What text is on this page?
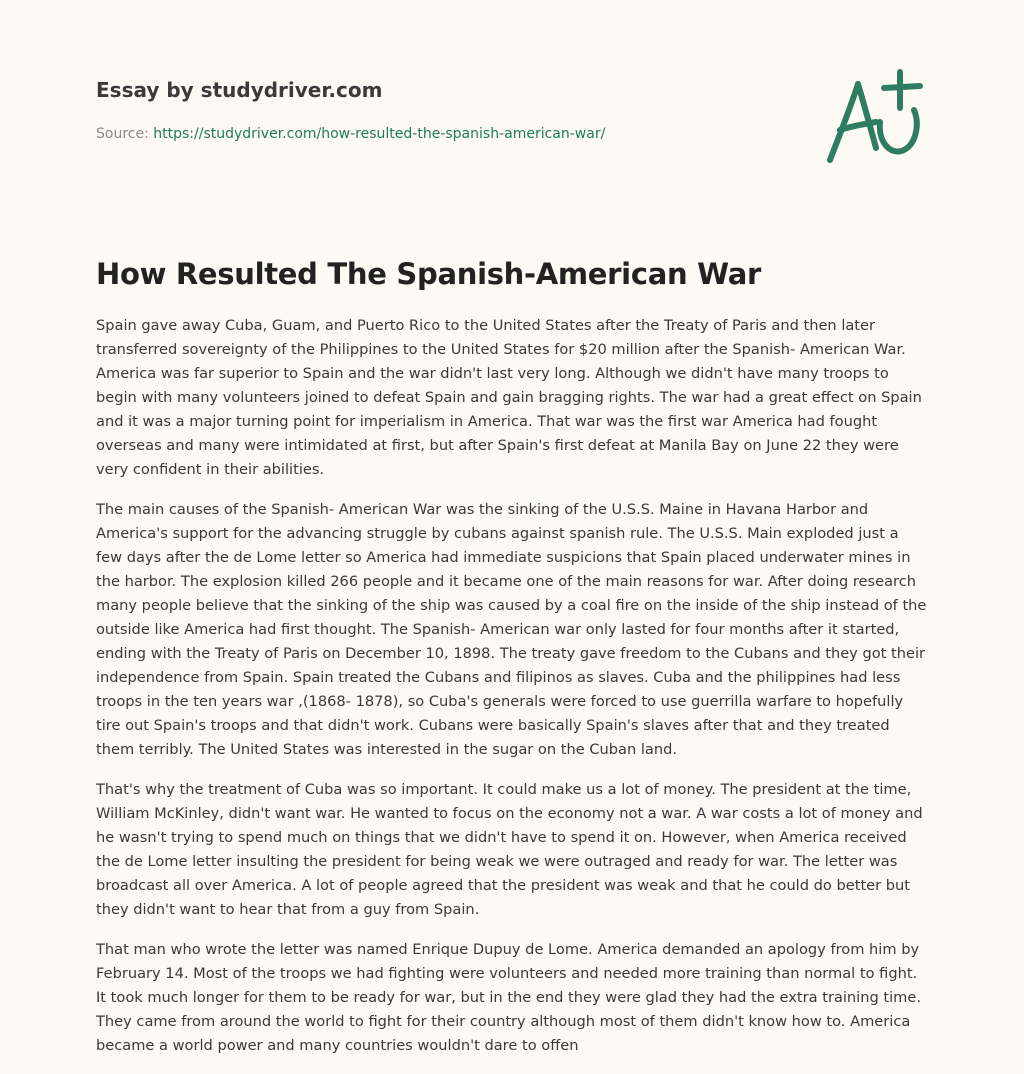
Essay by studydriver.com
Source: https://studydriver.com/how-resulted-the-spanish-american-war/
How Resulted The Spanish-American War

Spain gave away Cuba, Guam, and Puerto Rico to the United States after the Treaty of Paris and then later transferred sovereignty of the Philippines to the United States for $20 million after the Spanish- American War. America was far superior to Spain and the war didn't last very long. Although we didn't have many troops to begin with many volunteers joined to defeat Spain and gain bragging rights. The war had a great effect on Spain and it was a major turning point for imperialism in America. That war was the first war America had fought overseas and many were intimidated at first, but after Spain's first defeat at Manila Bay on June 22 they were very confident in their abilities.

The main causes of the Spanish- American War was the sinking of the U.S.S. Maine in Havana Harbor and America's support for the advancing struggle by cubans against spanish rule. The U.S.S. Main exploded just a few days after the de Lome letter so America had immediate suspicions that Spain placed underwater mines in the harbor. The explosion killed 266 people and it became one of the main reasons for war. After doing research many people believe that the sinking of the ship was caused by a coal fire on the inside of the ship instead of the outside like America had first thought. The Spanish- American war only lasted for four months after it started, ending with the Treaty of Paris on December 10, 1898. The treaty gave freedom to the Cubans and they got their independence from Spain. Spain treated the Cubans and filipinos as slaves. Cuba and the philippines had less troops in the ten years war ,(1868- 1878), so Cuba's generals were forced to use guerrilla warfare to hopefully tire out Spain's troops and that didn't work. Cubans were basically Spain's slaves after that and they treated them terribly. The United States was interested in the sugar on the Cuban land.

That's why the treatment of Cuba was so important. It could make us a lot of money. The president at the time, William McKinley, didn't want war. He wanted to focus on the economy not a war. A war costs a lot of money and he wasn't trying to spend much on things that we didn't have to spend it on. However, when America received the de Lome letter insulting the president for being weak we were outraged and ready for war. The letter was broadcast all over America. A lot of people agreed that the president was weak and that he could do better but they didn't want to hear that from a guy from Spain.

That man who wrote the letter was named Enrique Dupuy de Lome. America demanded an apology from him by February 14. Most of the troops we had fighting were volunteers and needed more training than normal to fight. It took much longer for them to be ready for war, but in the end they were glad they had the extra training time. They came from around the world to fight for their country although most of them didn't know how to. America became a world power and many countries wouldn't dare to offen
